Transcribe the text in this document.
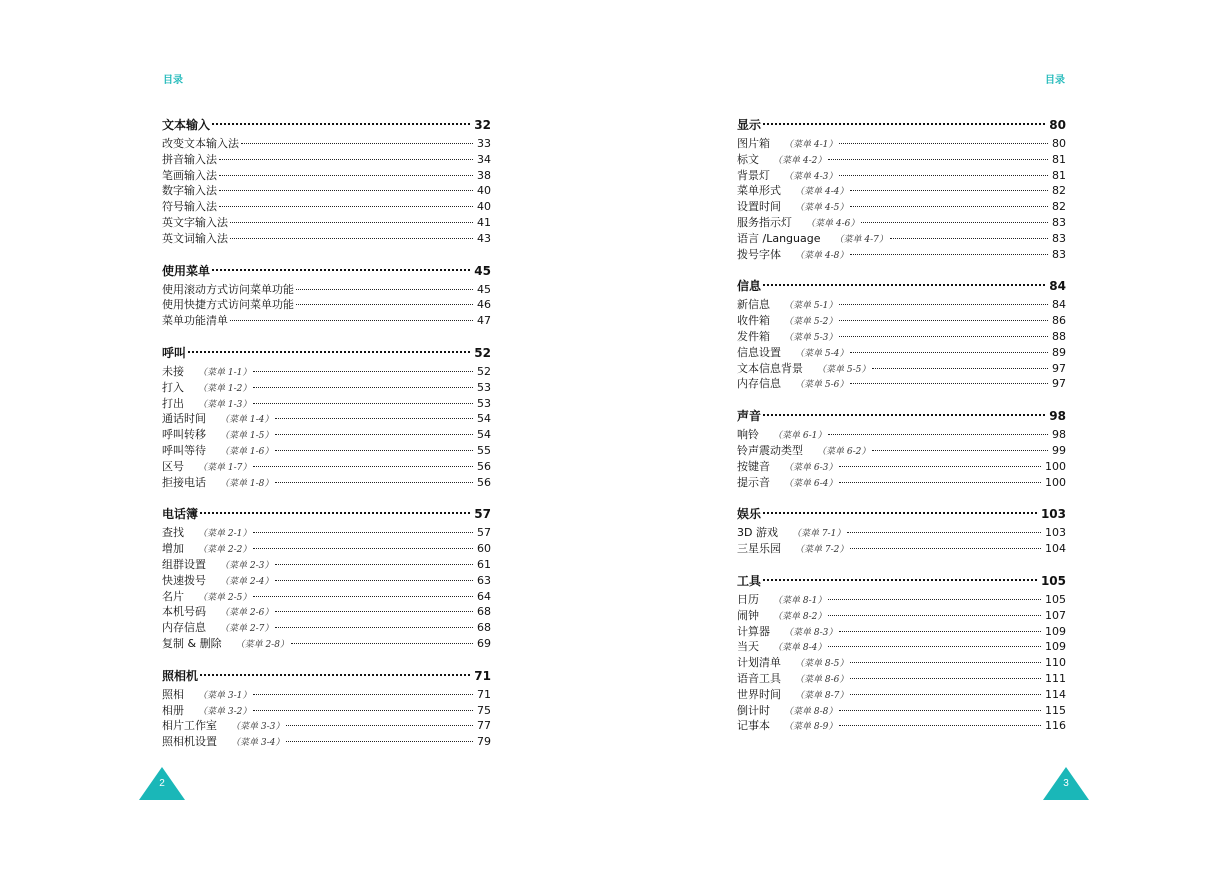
目录
文本输入	32
改变文本输入法	33
拼音输入法	34
笔画输入法	38
数字输入法	40
符号输入法	40
英文字输入法	41
英文词输入法	43
使用菜单	45
使用滚动方式访问菜单功能	45
使用快捷方式访问菜单功能	46
菜单功能清单	47
呼叫	52
未接 （菜单 1-1）	52
打入 （菜单 1-2）	53
打出 （菜单 1-3）	53
通话时间 （菜单 1-4）	54
呼叫转移 （菜单 1-5）	54
呼叫等待 （菜单 1-6）	55
区号 （菜单 1-7）	56
拒接电话 （菜单 1-8）	56
电话簿	57
查找 （菜单 2-1）	57
增加 （菜单 2-2）	60
组群设置 （菜单 2-3）	61
快速拨号 （菜单 2-4）	63
名片 （菜单 2-5）	64
本机号码 （菜单 2-6）	68
内存信息 （菜单 2-7）	68
复制 & 删除 （菜单 2-8）	69
照相机	71
照相 （菜单 3-1）	71
相册 （菜单 3-2）	75
相片工作室 （菜单 3-3）	77
照相机设置 （菜单 3-4）	79
2
目录
显示	80
图片箱 （菜单 4-1）	80
标文 （菜单 4-2）	81
背景灯 （菜单 4-3）	81
菜单形式 （菜单 4-4）	82
设置时间 （菜单 4-5）	82
服务指示灯 （菜单 4-6）	83
语言 /Language （菜单 4-7）	83
拨号字体 （菜单 4-8）	83
信息	84
新信息 （菜单 5-1）	84
收件箱 （菜单 5-2）	86
发件箱 （菜单 5-3）	88
信息设置 （菜单 5-4）	89
文本信息背景 （菜单 5-5）	97
内存信息 （菜单 5-6）	97
声音	98
响铃 （菜单 6-1）	98
铃声震动类型 （菜单 6-2）	99
按键音 （菜单 6-3）	100
提示音 （菜单 6-4）	100
娱乐	103
3D 游戏 （菜单 7-1）	103
三星乐园 （菜单 7-2）	104
工具	105
日历 （菜单 8-1）	105
闹钟 （菜单 8-2）	107
计算器 （菜单 8-3）	109
当天 （菜单 8-4）	109
计划清单 （菜单 8-5）	110
语音工具 （菜单 8-6）	111
世界时间 （菜单 8-7）	114
倒计时 （菜单 8-8）	115
记事本 （菜单 8-9）	116
3
